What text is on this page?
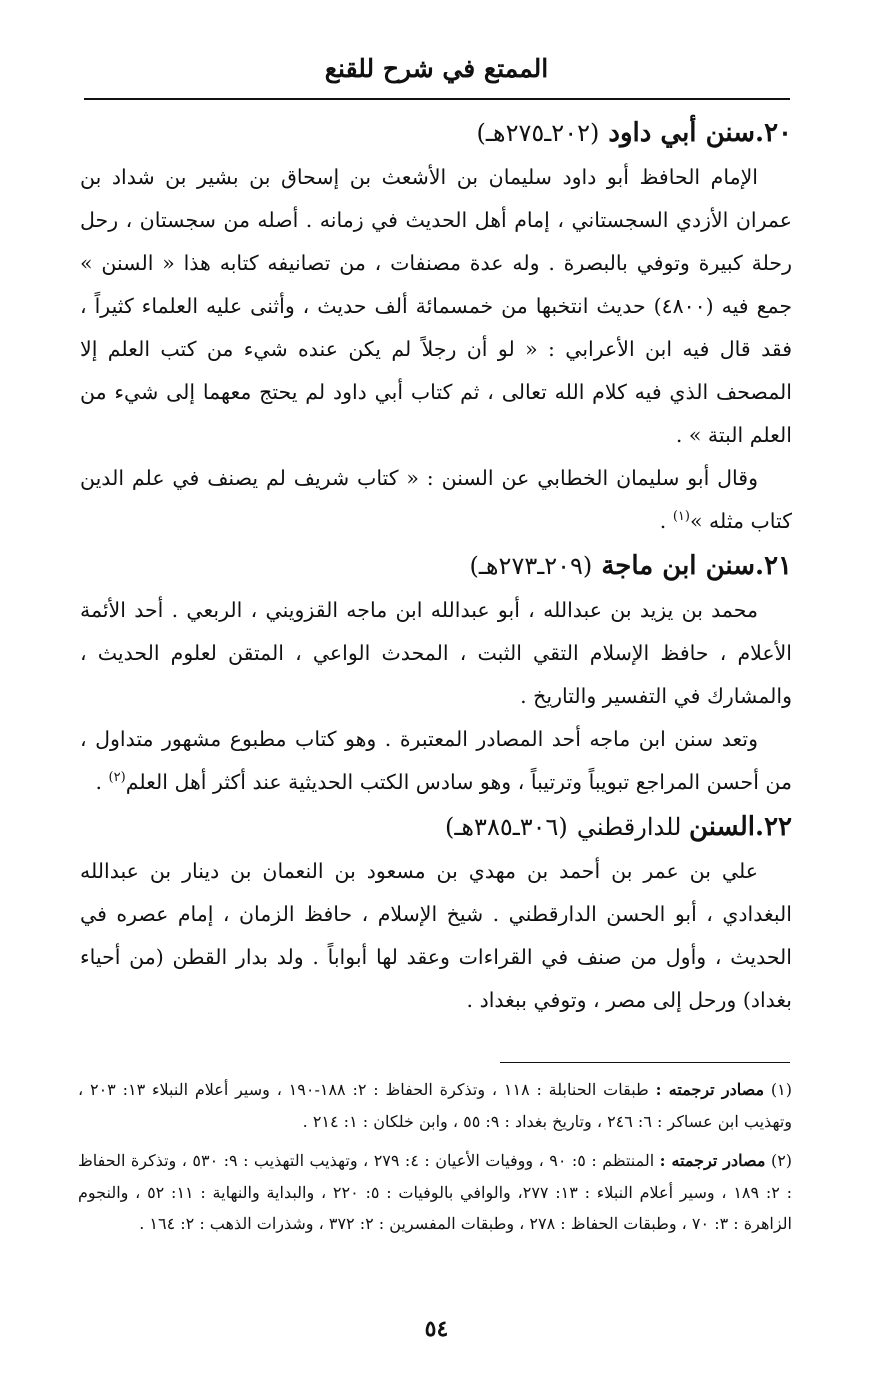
الممتع في شرح للقنع
٢٠.سنن أبي داود (٢٠٢ـ٢٧٥هـ)

الإمام الحافظ أبو داود سليمان بن الأشعث بن إسحاق بن بشير بن شداد بن عمران الأزدي السجستاني ، إمام أهل الحديث في زمانه . أصله من سجستان ، رحل رحلة كبيرة وتوفي بالبصرة . وله عدة مصنفات ، من تصانيفه كتابه هذا « السنن » جمع فيه (٤٨٠٠) حديث انتخبها من خمسمائة ألف حديث ، وأثنى عليه العلماء كثيراً ، فقد قال فيه ابن الأعرابي : « لو أن رجلاً لم يكن عنده شيء من كتب العلم إلا المصحف الذي فيه كلام الله تعالى ، ثم كتاب أبي داود لم يحتج معهما إلى شيء من العلم البتة » .

وقال أبو سليمان الخطابي عن السنن : « كتاب شريف لم يصنف في علم الدين كتاب مثله »$^{(١)}$ .

٢١.سنن ابن ماجة (٢٠٩ـ٢٧٣هـ)

محمد بن يزيد بن عبدالله ، أبو عبدالله ابن ماجه القزويني ، الربعي . أحد الأئمة الأعلام ، حافظ الإسلام التقي الثبت ، المحدث الواعي ، المتقن لعلوم الحديث ، والمشارك في التفسير والتاريخ .

وتعد سنن ابن ماجه أحد المصادر المعتبرة . وهو كتاب مطبوع مشهور متداول ، من أحسن المراجع تبويباً وترتيباً ، وهو سادس الكتب الحديثية عند أكثر أهل العلم$^{(٢)}$ .

٢٢.السنن للدارقطني (٣٠٦ـ٣٨٥هـ)

علي بن عمر بن أحمد بن مهدي بن مسعود بن النعمان بن دينار بن عبدالله البغدادي ، أبو الحسن الدارقطني . شيخ الإسلام ، حافظ الزمان ، إمام عصره في الحديث ، وأول من صنف في القراءات وعقد لها أبواباً . ولد بدار القطن (من أحياء بغداد) ورحل إلى مصر ، وتوفي ببغداد .

(١) مصادر ترجمته : طبقات الحنابلة : ١١٨ ، وتذكرة الحفاظ : ٢: ١٨٨-١٩٠ ، وسير أعلام النبلاء ١٣: ٢٠٣ ، وتهذيب ابن عساكر : ٦: ٢٤٦ ، وتاريخ بغداد : ٩: ٥٥ ، وابن خلكان : ١: ٢١٤ .

(٢) مصادر ترجمته : المنتظم : ٥: ٩٠ ، ووفيات الأعيان : ٤: ٢٧٩ ، وتهذيب التهذيب : ٩: ٥٣٠ ، وتذكرة الحفاظ : ٢: ١٨٩ ، وسير أعلام النبلاء : ١٣: ٢٧٧، والوافي بالوفيات : ٥: ٢٢٠ ، والبداية والنهاية : ١١: ٥٢ ، والنجوم الزاهرة : ٣: ٧٠ ، وطبقات الحفاظ : ٢٧٨ ، وطبقات المفسرين : ٢: ٣٧٢ ، وشذرات الذهب : ٢: ١٦٤ .

٥٤
